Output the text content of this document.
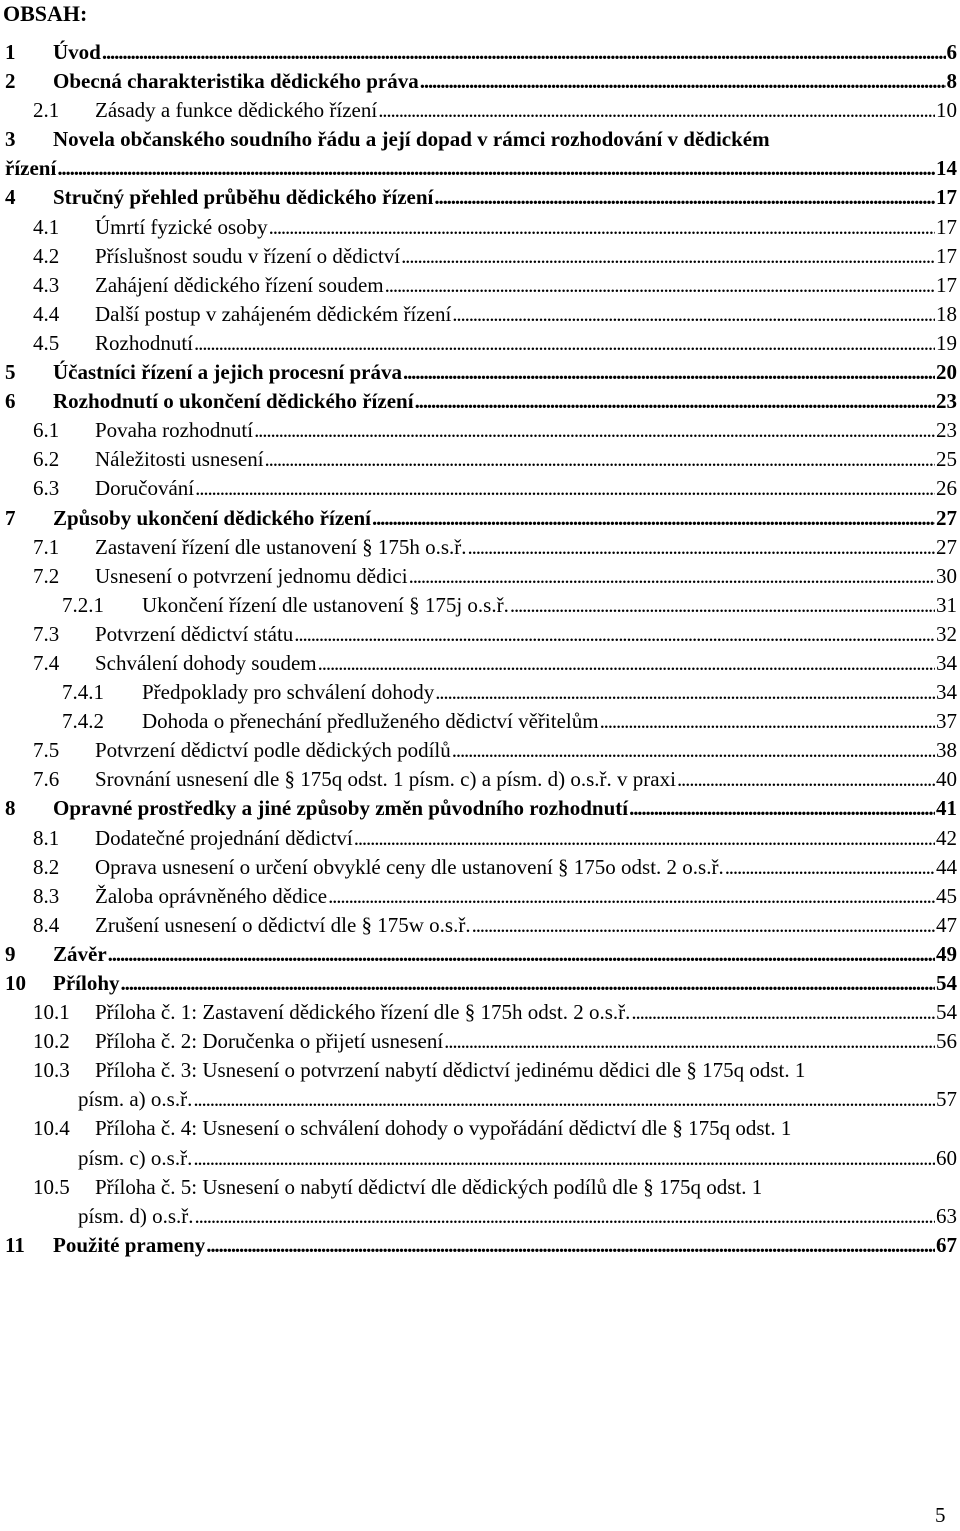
OBSAH:
1 Úvod . . .	6
2 Obecná charakteristika dědického práva . . .	8
2.1 Zásady a funkce dědického řízení . . .	10
3 Novela občanského soudního řádu a její dopad v rámci rozhodování v dědickém
řízení . . .	14
4 Stručný přehled průběhu dědického řízení . . .	17
4.1 Úmrtí fyzické osoby . . .	17
4.2 Příslušnost soudu v řízení o dědictví . . .	17
4.3 Zahájení dědického řízení soudem . . .	17
4.4 Další postup v zahájeném dědickém řízení . . .	18
4.5 Rozhodnutí . . .	19
5 Účastníci řízení a jejich procesní práva . . .	20
6 Rozhodnutí o ukončení dědického řízení . . .	23
6.1 Povaha rozhodnutí . . .	23
6.2 Náležitosti usnesení . . .	25
6.3 Doručování . . .	26
7 Způsoby ukončení dědického řízení . . .	27
7.1 Zastavení řízení dle ustanovení § 175h o.s.ř. . . .	27
7.2 Usnesení o potvrzení jednomu dědici . . .	30
7.2.1 Ukončení řízení dle ustanovení § 175j o.s.ř. . . .	31
7.3 Potvrzení dědictví státu . . .	32
7.4 Schválení dohody soudem . . .	34
7.4.1 Předpoklady pro schválení dohody . . .	34
7.4.2 Dohoda o přenechání předluženého dědictví věřitelům . . .	37
7.5 Potvrzení dědictví podle dědických podílů . . .	38
7.6 Srovnání usnesení dle § 175q odst. 1 písm. c) a písm. d) o.s.ř. v praxi . . .	40
8 Opravné prostředky a jiné způsoby změn původního rozhodnutí . . .	41
8.1 Dodatečné projednání dědictví . . .	42
8.2 Oprava usnesení o určení obvyklé ceny dle ustanovení § 175o odst. 2 o.s.ř. . . .	44
8.3 Žaloba oprávněného dědice . . .	45
8.4 Zrušení usnesení o dědictví dle § 175w o.s.ř. . . .	47
9 Závěr . . .	49
10 Přílohy . . .	54
10.1 Příloha č. 1: Zastavení dědického řízení dle § 175h odst. 2 o.s.ř. . . .	54
10.2 Příloha č. 2: Doručenka o přijetí usnesení . . .	56
10.3 Příloha č. 3: Usnesení o potvrzení nabytí dědictví jedinému dědici dle § 175q odst. 1
písm. a) o.s.ř. . . .	57
10.4 Příloha č. 4: Usnesení o schválení dohody o vypořádání dědictví dle § 175q odst. 1
písm. c) o.s.ř. . . .	60
10.5 Příloha č. 5: Usnesení o nabytí dědictví dle dědických podílů dle § 175q odst. 1
písm. d) o.s.ř. . . .	63
11 Použité prameny . . .	67
5
